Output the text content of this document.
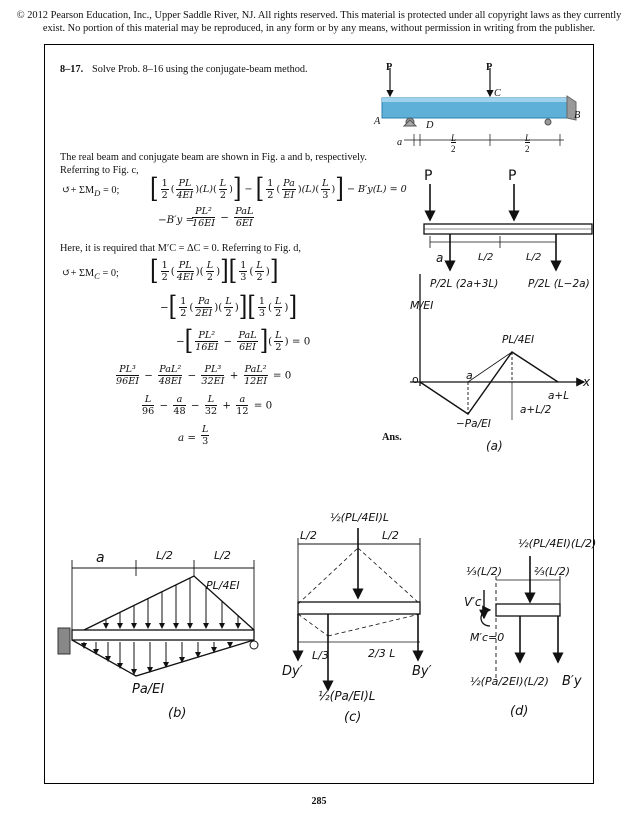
© 2012 Pearson Education, Inc., Upper Saddle River, NJ. All rights reserved. This material is protected under all copyright laws as they currently exist. No portion of this material may be reproduced, in any form or by any means, without permission in writing from the publisher.
8–17. Solve Prob. 8–16 using the conjugate-beam method.	P	P
C
B
A	D
a	L
2
L
2
The real beam and conjugate beam are shown in Fig. a and b, respectively.
Referring to Fig. c,
↺+ $\Sigma M_D = 0$; [ $\frac{1}{2}$ ( $\frac{PL}{4EI} )(L)( \frac{L}{2}$ )] − [ $\frac{1}{2}$ ( $\frac{Pa}{EI} )(L)( \frac{L}{3}$ )] − B′y(L) = 0
−B′y =
$\frac{\text{PL²}}{16EI} - \frac{\text{PaL}}{6EI}$
Here, it is required that M′C = ΔC = 0. Referring to Fig. d,
↺+ $\Sigma M_C = 0$; [ $\frac{1}{2}$ ( $\frac{PL}{4EI}$ )( $\frac{L}{2}$ )][ $\frac{1}{3}$ ( $\frac{L}{2}$ )]
−[ $\frac{1}{2}$ ( $\frac{Pa}{2EI}$ )( $\frac{L}{2}$ )][ $\frac{1}{3}$ ( $\frac{L}{2}$ )]
−[ $\frac{\text{PL²}}{16EI} - \frac{\text{PaL}}{6EI}$ ]( $\frac{L}{2}$ ) = 0
$\frac{\text{PL³}}{96EI} - \frac{\text{PaL²}}{48EI} - \frac{\text{PL³}}{32EI} + \frac{\text{PaL²}}{12EI} = 0$
$\frac{L}{96} - \frac{a}{48} - \frac{L}{32} + \frac{a}{12} = 0$
$a = \frac{L}{3}$	Ans.
P	P
a	L/2	L/2
P/2L (2a+3L)	P/2L (L−2a)
M/EI
PL/4EI
o	a	x
a+L
a+L/2
−Pa/EI
(a)
a	L/2	L/2
PL/4EI
Pa/EI
(b)
½(PL/4EI)L
L/2	L/2
L/3	2/3 L
Dy′	By′
½(Pa/EI)L
(c)
½(PL/4EI)(L/2)
⅓(L/2)	⅔(L/2)
V′c
M′c=0
½(Pa/2EI)(L/2) B′y
(d)
285
